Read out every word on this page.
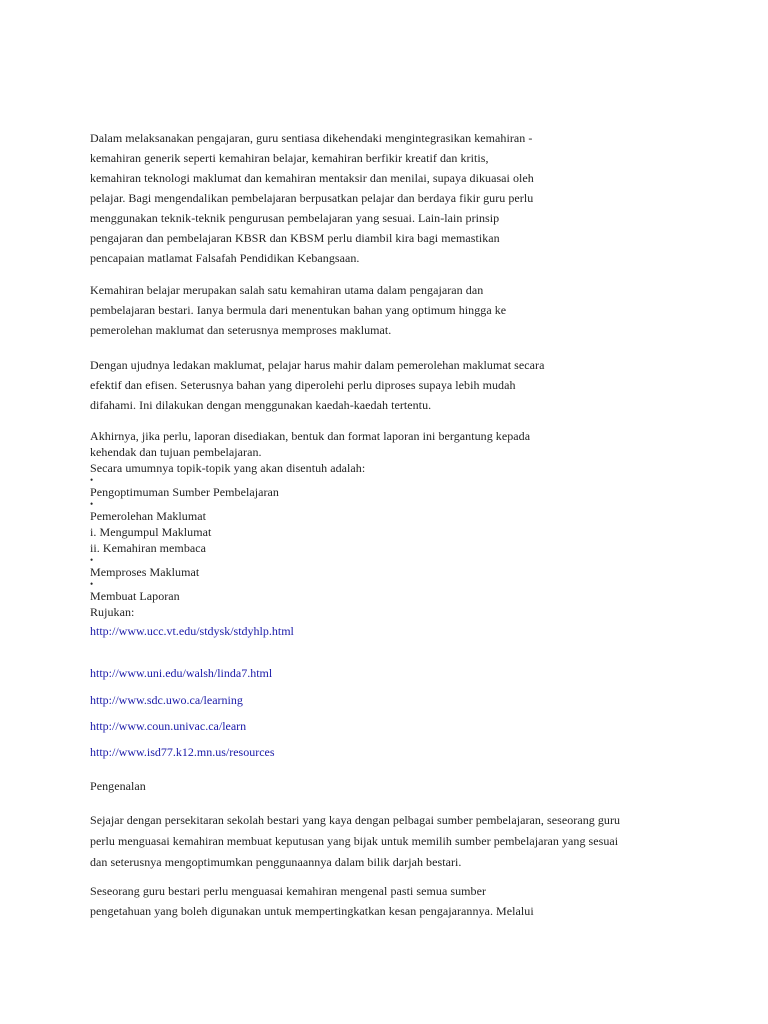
Dalam melaksanakan pengajaran, guru sentiasa dikehendaki mengintegrasikan kemahiran -
kemahiran generik seperti kemahiran belajar, kemahiran berfikir kreatif dan kritis,
kemahiran teknologi maklumat dan kemahiran mentaksir dan menilai, supaya dikuasai oleh
pelajar. Bagi mengendalikan pembelajaran berpusatkan pelajar dan berdaya fikir guru perlu
menggunakan teknik-teknik pengurusan pembelajaran yang sesuai. Lain-lain prinsip
pengajaran dan pembelajaran KBSR dan KBSM perlu diambil kira bagi memastikan
pencapaian matlamat Falsafah Pendidikan Kebangsaan.
Kemahiran belajar merupakan salah satu kemahiran utama dalam pengajaran dan
pembelajaran bestari. Ianya bermula dari menentukan bahan yang optimum hingga ke
pemerolehan maklumat dan seterusnya memproses maklumat.
Dengan ujudnya ledakan maklumat, pelajar harus mahir dalam pemerolehan maklumat secara
efektif dan efisen. Seterusnya bahan yang diperolehi perlu diproses supaya lebih mudah
difahami. Ini dilakukan dengan menggunakan kaedah-kaedah tertentu.
Akhirnya, jika perlu, laporan disediakan, bentuk dan format laporan ini bergantung kepada
kehendak dan tujuan pembelajaran.
Secara umumnya topik-topik yang akan disentuh adalah:
•
Pengoptimuman Sumber Pembelajaran
•
Pemerolehan Maklumat
i. Mengumpul Maklumat
ii. Kemahiran membaca
•
Memproses Maklumat
•
Membuat Laporan
Rujukan:
http://www.ucc.vt.edu/stdysk/stdyhlp.html
http://www.uni.edu/walsh/linda7.html
http://www.sdc.uwo.ca/learning
http://www.coun.univac.ca/learn
http://www.isd77.k12.mn.us/resources
Pengenalan
Sejajar dengan persekitaran sekolah bestari yang kaya dengan pelbagai sumber pembelajaran, seseorang guru
perlu menguasai kemahiran membuat keputusan yang bijak untuk memilih sumber pembelajaran yang sesuai
dan seterusnya mengoptimumkan penggunaannya dalam bilik darjah bestari.
Seseorang guru bestari perlu menguasai kemahiran mengenal pasti semua sumber
pengetahuan yang boleh digunakan untuk mempertingkatkan kesan pengajarannya. Melalui
